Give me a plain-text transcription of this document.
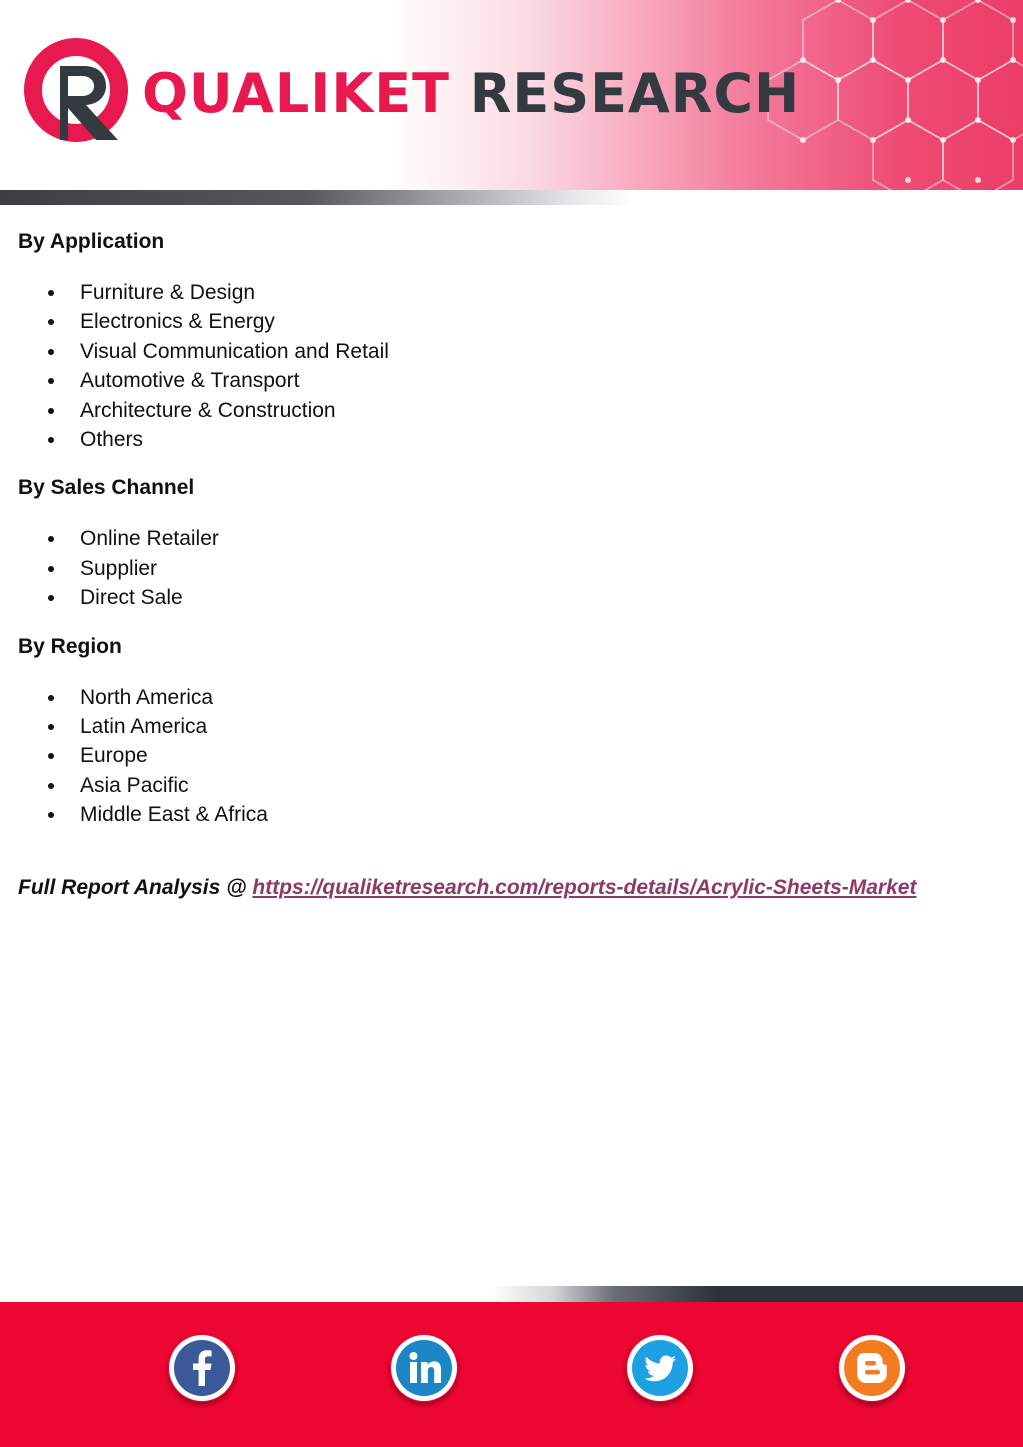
QUALIKET RESEARCH
By Application
Furniture & Design
Electronics & Energy
Visual Communication and Retail
Automotive & Transport
Architecture & Construction
Others
By Sales Channel
Online Retailer
Supplier
Direct Sale
By Region
North America
Latin America
Europe
Asia Pacific
Middle East & Africa
Full Report Analysis @ https://qualiketresearch.com/reports-details/Acrylic-Sheets-Market
